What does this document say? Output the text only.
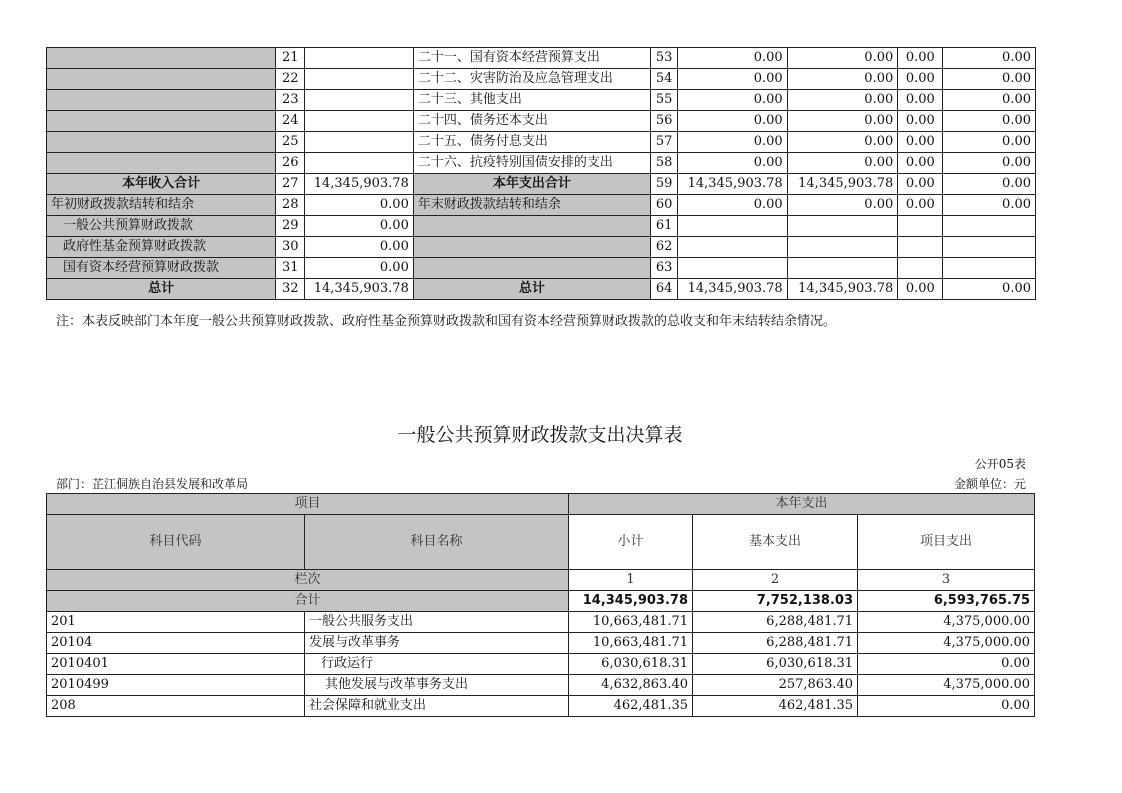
	21		二十一、国有资本经营预算支出	53	0.00	0.00	0.00	0.00
	22		二十二、灾害防治及应急管理支出	54	0.00	0.00	0.00	0.00
	23		二十三、其他支出	55	0.00	0.00	0.00	0.00
	24		二十四、债务还本支出	56	0.00	0.00	0.00	0.00
	25		二十五、债务付息支出	57	0.00	0.00	0.00	0.00
	26		二十六、抗疫特别国债安排的支出	58	0.00	0.00	0.00	0.00
本年收入合计	27	14,345,903.78	本年支出合计	59	14,345,903.78	14,345,903.78	0.00	0.00
年初财政拨款结转和结余	28	0.00	年末财政拨款结转和结余	60	0.00	0.00	0.00	0.00
一般公共预算财政拨款	29	0.00		61				
政府性基金预算财政拨款	30	0.00		62				
国有资本经营预算财政拨款	31	0.00		63				
总计	32	14,345,903.78	总计	64	14,345,903.78	14,345,903.78	0.00	0.00
注：本表反映部门本年度一般公共预算财政拨款、政府性基金预算财政拨款和国有资本经营预算财政拨款的总收支和年末结转结余情况。
一般公共预算财政拨款支出决算表
公开05表
部门：芷江侗族自治县发展和改革局	金额单位：元
项目		本年支出		
科目代码	科目名称	小计	基本支出	项目支出
栏次		1	2	3
合计		14,345,903.78	7,752,138.03	6,593,765.75
201	一般公共服务支出	10,663,481.71	6,288,481.71	4,375,000.00
20104	发展与改革事务	10,663,481.71	6,288,481.71	4,375,000.00
2010401	行政运行	6,030,618.31	6,030,618.31	0.00
2010499	其他发展与改革事务支出	4,632,863.40	257,863.40	4,375,000.00
208	社会保障和就业支出	462,481.35	462,481.35	0.00
